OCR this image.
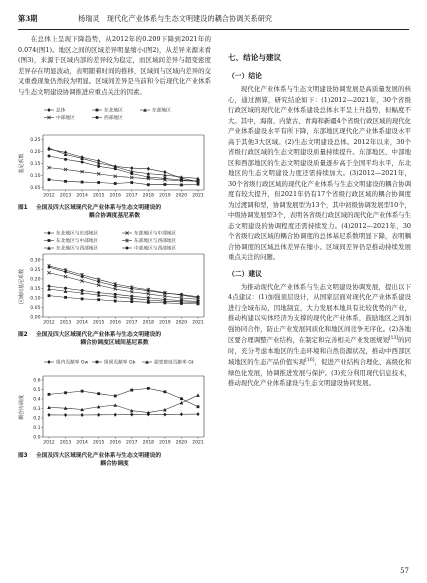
第3期	杨瑞灵　现代化产业体系与生态文明建设的耦合协调关系研究

在总体上呈现下降趋势，从2012年的0.209下降到2021年的0.074(图1)。地区之间的区域差异明显缩小(图2)，从差异来源来看(图3)，来源于区域内部的差异较为稳定，而区域间差异与超变密度差异存在明显波动，表明随着时间的推移，区域间与区域内差异的交叉重叠现象仍然较为明显。区域间差异是当前和今后现代化产业体系与生态文明建设协调推进应重点关注的因素。

0.05
0.10
0.15
0.20
0.25
2012 2013 2014 2015 2016 2017 2018 2019 2020 2021
基尼系数
总体	东北地区	东部地区
中部地区	西部地区
图1 全国及四大区域现代化产业体系与生态文明建设的
耦合协调度基尼系数
0.00
0.05
0.10
0.15
0.20
0.25
0.30
2012 2013 2014 2015 2016 2017 2018 2019 2020 2021
区域间基尼系数
东北地区与东部地区	东部地区与中部地区
东北地区与中部地区	东部地区与西部地区
东北地区与西部地区	中部地区与西部地区
图2 全国及四大区域现代化产业体系与生态文明建设的
耦合协调度区域间基尼系数
0.0
0.1
0.2
0.3
0.4
0.5
0.6
2012 2013 2014 2015 2016 2017 2018 2019 2020 2021
耦合协调度
组内贡献率 Gw	组间贡献率 Gb	超变密度贡献率 Gt
图3 全国及四大区域现代化产业体系与生态文明建设的
耦合协调度
七、结论与建议
（一）结论

现代化产业体系与生态文明建设协调发展是高质量发展的核心，通过测算，研究结论如下：(1)2012—2021年，30个省级行政区域的现代化产业体系建设总体水平呈上升趋势，但幅度不大。其中，海南、内蒙古、青海和新疆4个省级行政区域的现代化产业体系建设水平有所下降，东部地区现代化产业体系建设水平高于其他3大区域。(2)生态文明建设总体。2012年以来，30个省级行政区域的生态文明建设质量持续提升。东部地区、中部地区和西部地区的生态文明建设质量逐步高于全国平均水平，东北地区的生态文明建设力度还需持续加大。(3)2012—2021年，30个省级行政区域的现代化产业体系与生态文明建设的耦合协调度有较大提升，但2021年仍有17个省级行政区域的耦合协调度为过渡调和型，协调发展型为13个，其中初级协调发展型10个，中级协调发展型3个，表明各省级行政区域的现代化产业体系与生态文明建设的协调程度还需持续发力。(4)2012—2021年，30个省级行政区域的耦合协调度的总体基尼系数明显下降，表明耦合协调度的区域总体差异在缩小。区域间差异仍是推动持续发展重点关注的问题。

（二）建议

为推动现代化产业体系与生态文明建设协调发展，提出以下4点建议：(1)加强顶层设计，从国家层面对现代化产业体系建设进行全域布局，因地制宜，大力发展本地具有比较优势的产业，推动构建以实体经济为支撑的现代化产业体系，鼓励地区之间加强协同合作，防止产业发展同质化和地区间竞争无序化。(2)各地区要合理调整产业结构，在制定和完善相关产业发展规划[13]的同时，充分考虑本地区的生态环境和自然资源状况，推动中西部区域地区的生态产品价值实现[16]，促进产业结构合理化、高级化和绿色化发展，协调推进发展与保护。(3)充分利用现代信息技术，推动现代化产业体系建设与生态文明建设协同发展。

57
